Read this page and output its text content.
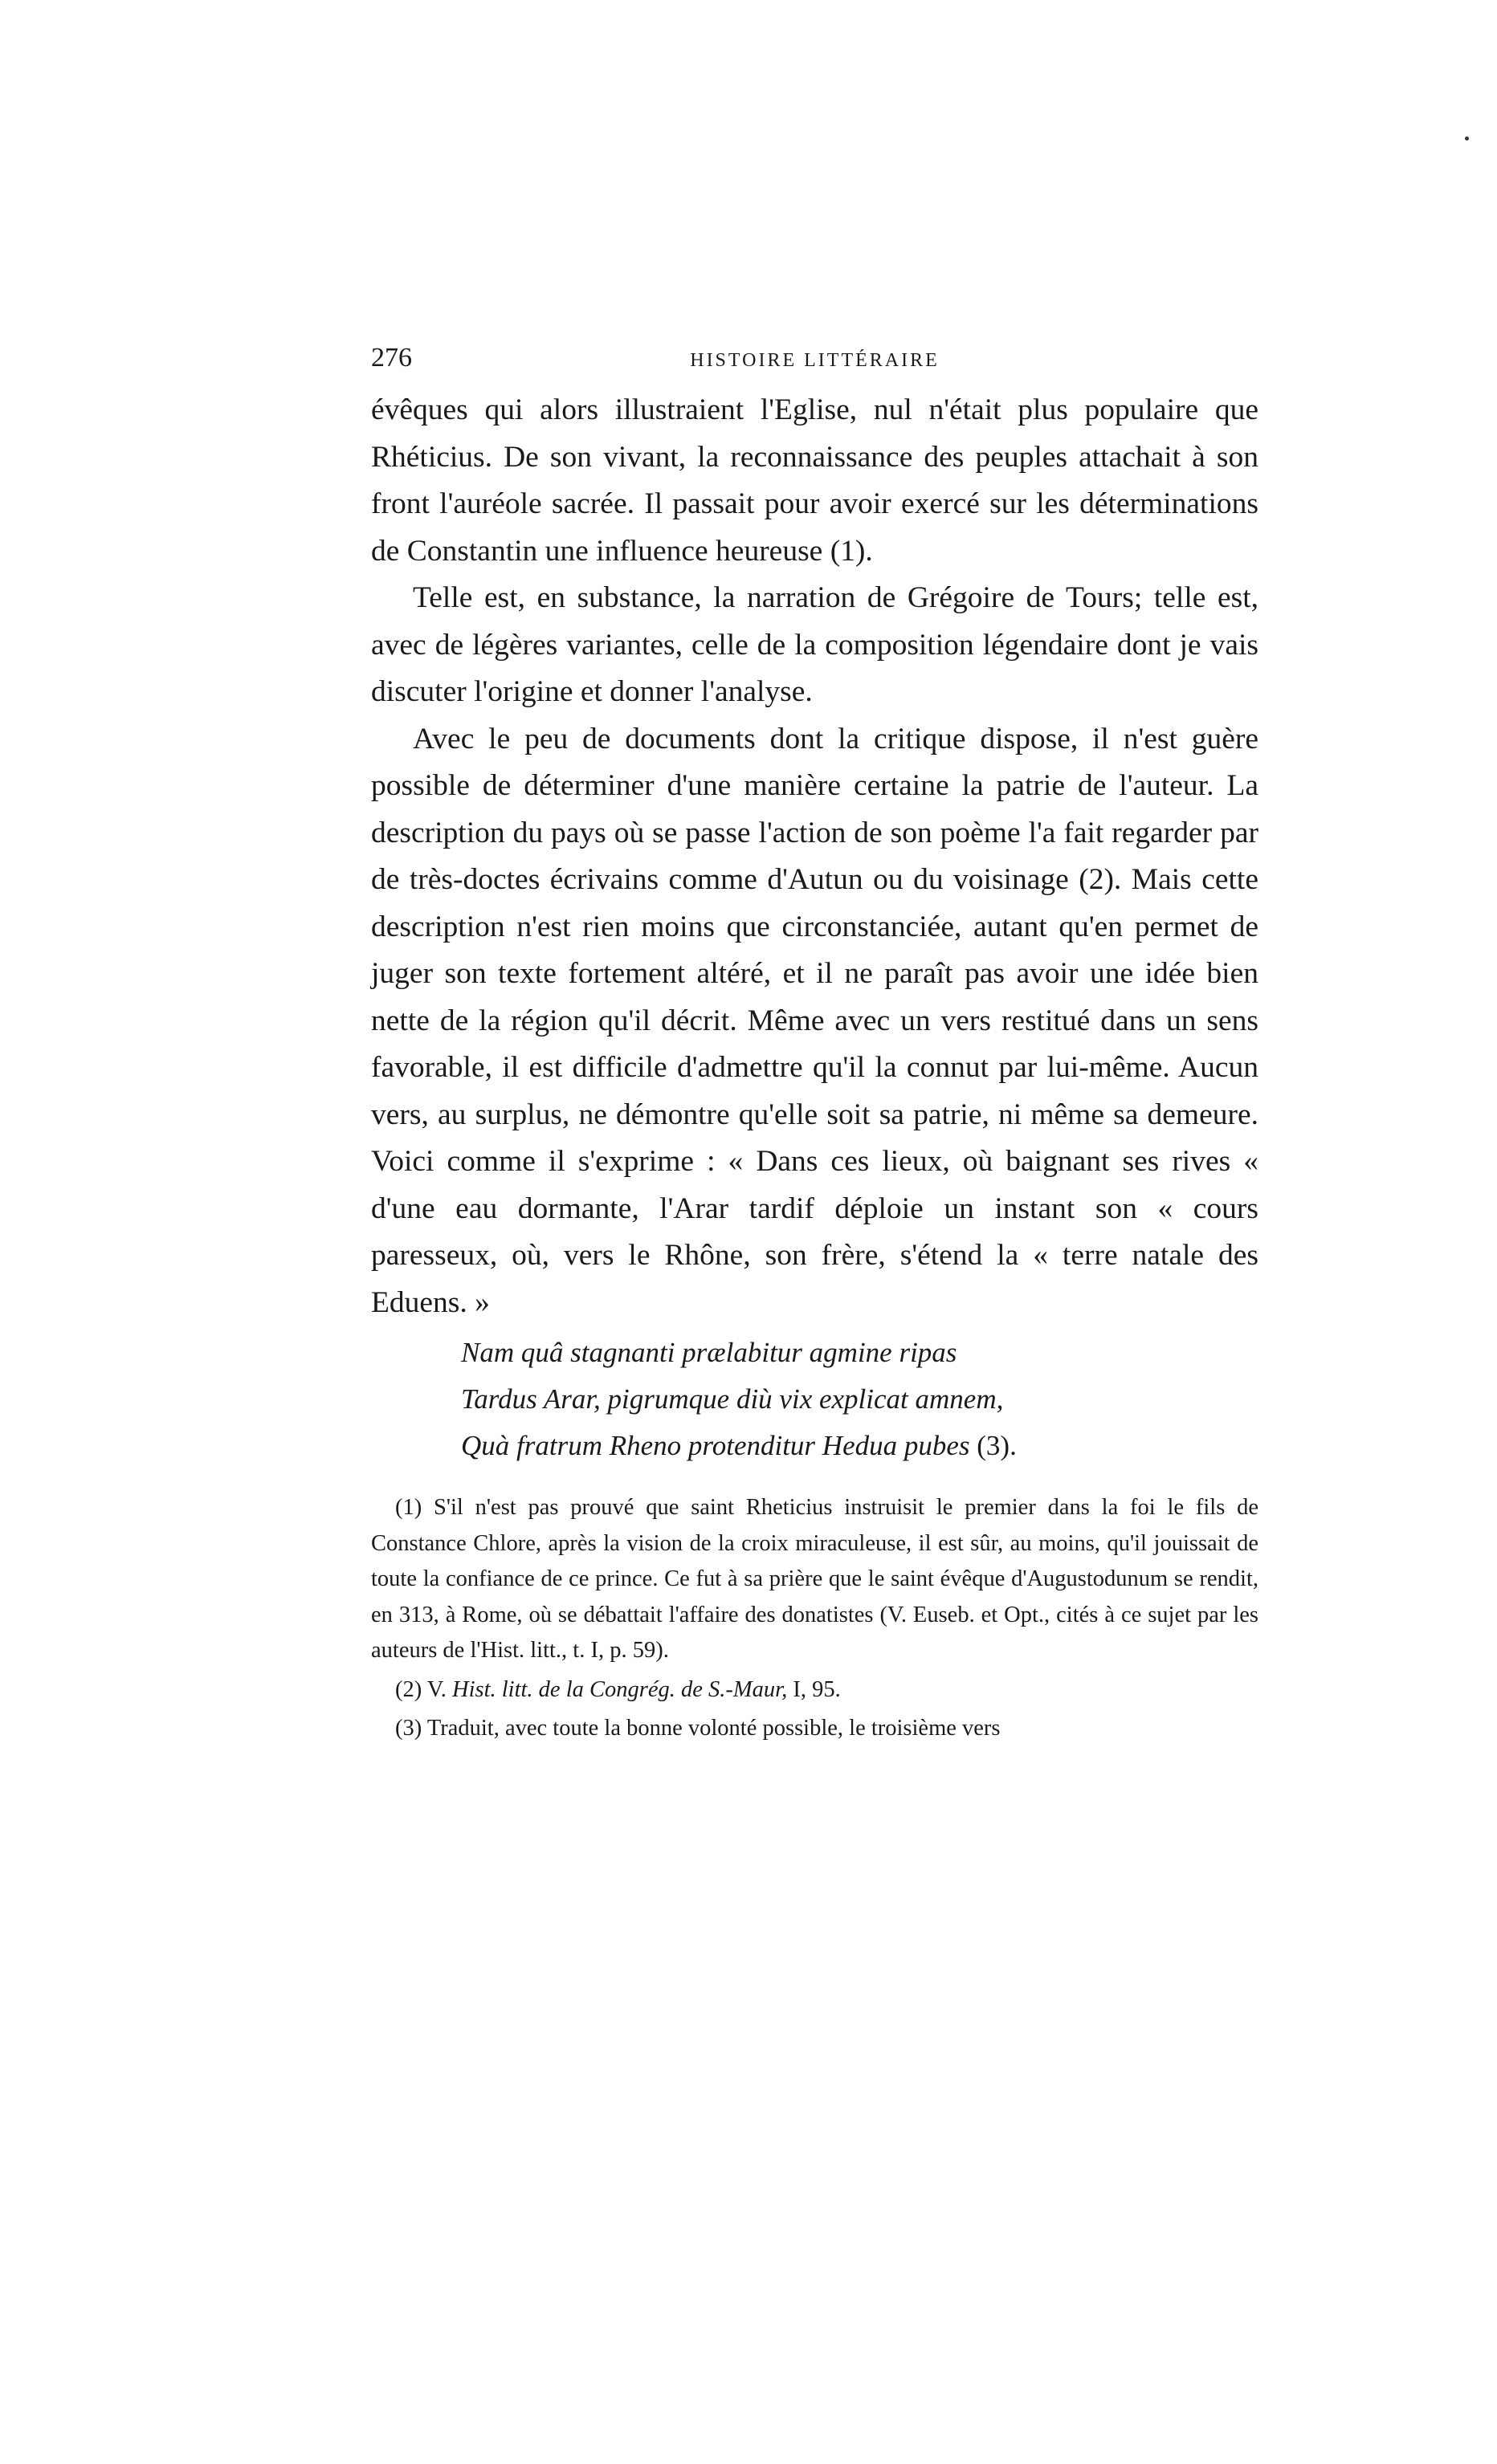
276	HISTOIRE LITTÉRAIRE

évêques qui alors illustraient l'Eglise, nul n'était plus populaire que Rhéticius. De son vivant, la reconnaissance des peuples attachait à son front l'auréole sacrée. Il passait pour avoir exercé sur les déterminations de Constantin une influence heureuse (1).

Telle est, en substance, la narration de Grégoire de Tours; telle est, avec de légères variantes, celle de la composition légendaire dont je vais discuter l'origine et donner l'analyse.

Avec le peu de documents dont la critique dispose, il n'est guère possible de déterminer d'une manière certaine la patrie de l'auteur. La description du pays où se passe l'action de son poème l'a fait regarder par de très-doctes écrivains comme d'Autun ou du voisinage (2). Mais cette description n'est rien moins que circonstanciée, autant qu'en permet de juger son texte fortement altéré, et il ne paraît pas avoir une idée bien nette de la région qu'il décrit. Même avec un vers restitué dans un sens favorable, il est difficile d'admettre qu'il la connut par lui-même. Aucun vers, au surplus, ne démontre qu'elle soit sa patrie, ni même sa demeure. Voici comme il s'exprime : « Dans ces lieux, où baignant ses rives « d'une eau dormante, l'Arar tardif déploie un instant son « cours paresseux, où, vers le Rhône, son frère, s'étend la « terre natale des Eduens. »

Nam quâ stagnanti prælabitur agmine ripas
Tardus Arar, pigrumque diù vix explicat amnem,
Quà fratrum Rheno protenditur Hedua pubes (3).

(1) S'il n'est pas prouvé que saint Rheticius instruisit le premier dans la foi le fils de Constance Chlore, après la vision de la croix miraculeuse, il est sûr, au moins, qu'il jouissait de toute la confiance de ce prince. Ce fut à sa prière que le saint évêque d'Augustodunum se rendit, en 313, à Rome, où se débattait l'affaire des donatistes (V. Euseb. et Opt., cités à ce sujet par les auteurs de l'Hist. litt., t. I, p. 59).

(2) V. Hist. litt. de la Congrég. de S.-Maur, I, 95.

(3) Traduit, avec toute la bonne volonté possible, le troisième vers
